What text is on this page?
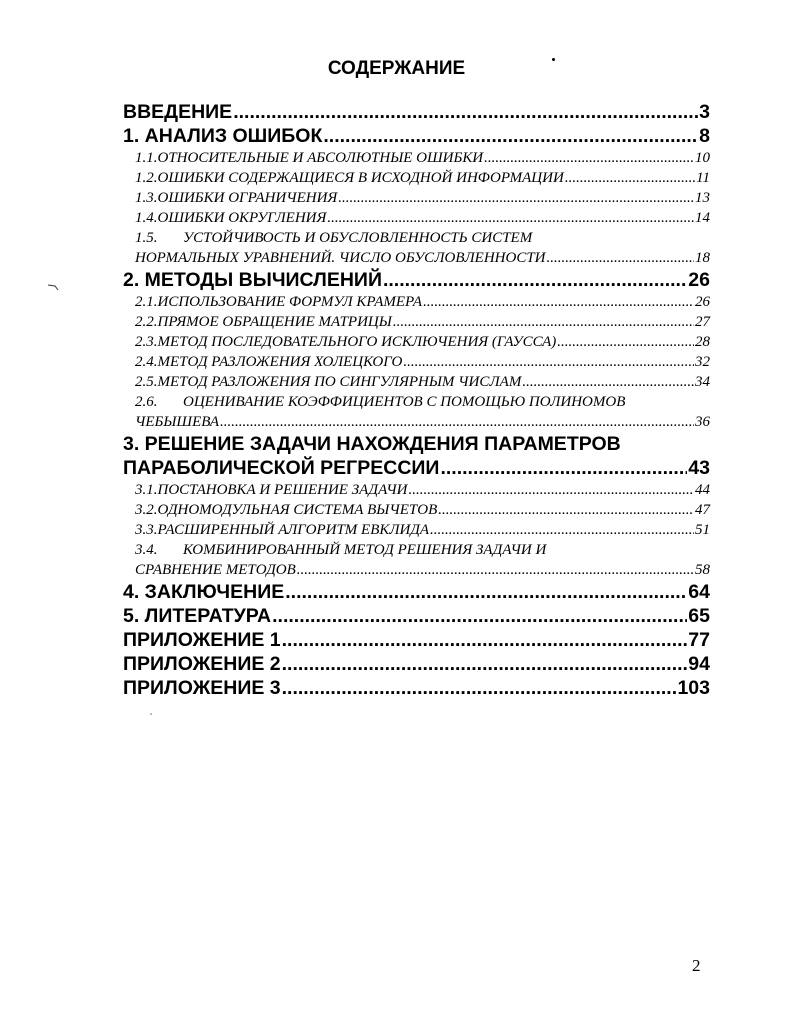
СОДЕРЖАНИЕ
ВВЕДЕНИЕ .....	3
1. АНАЛИЗ ОШИБОК .....	8
1.1. ОТНОСИТЕЛЬНЫЕ И АБСОЛЮТНЫЕ ОШИБКИ .....	10
1.2. ОШИБКИ СОДЕРЖАЩИЕСЯ В ИСХОДНОЙ ИНФОРМАЦИИ .....	11
1.3. ОШИБКИ ОГРАНИЧЕНИЯ .....	13
1.4. ОШИБКИ ОКРУГЛЕНИЯ .....	14
1.5. УСТОЙЧИВОСТЬ И ОБУСЛОВЛЕННОСТЬ СИСТЕМ
НОРМАЛЬНЫХ УРАВНЕНИЙ. ЧИСЛО ОБУСЛОВЛЕННОСТИ .....	18
2. МЕТОДЫ ВЫЧИСЛЕНИЙ .....	26
2.1. ИСПОЛЬЗОВАНИЕ ФОРМУЛ КРАМЕРА .....	26
2.2. ПРЯМОЕ ОБРАЩЕНИЕ МАТРИЦЫ .....	27
2.3. МЕТОД ПОСЛЕДОВАТЕЛЬНОГО ИСКЛЮЧЕНИЯ (ГАУССА) .....	28
2.4. МЕТОД РАЗЛОЖЕНИЯ ХОЛЕЦКОГО .....	32
2.5. МЕТОД РАЗЛОЖЕНИЯ ПО СИНГУЛЯРНЫМ ЧИСЛАМ .....	34
2.6. ОЦЕНИВАНИЕ КОЭФФИЦИЕНТОВ С ПОМОЩЬЮ ПОЛИНОМОВ
ЧЕБЫШЕВА .....	36
3. РЕШЕНИЕ ЗАДАЧИ НАХОЖДЕНИЯ ПАРАМЕТРОВ
ПАРАБОЛИЧЕСКОЙ РЕГРЕССИИ .....	43
3.1. ПОСТАНОВКА И РЕШЕНИЕ ЗАДАЧИ .....	44
3.2. ОДНОМОДУЛЬНАЯ СИСТЕМА ВЫЧЕТОВ .....	47
3.3. РАСШИРЕННЫЙ АЛГОРИТМ ЕВКЛИДА .....	51
3.4. КОМБИНИРОВАННЫЙ МЕТОД РЕШЕНИЯ ЗАДАЧИ И
СРАВНЕНИЕ МЕТОДОВ .....	58
4. ЗАКЛЮЧЕНИЕ .....	64
5. ЛИТЕРАТУРА .....	65
ПРИЛОЖЕНИЕ 1 .....	77
ПРИЛОЖЕНИЕ 2 .....	94
ПРИЛОЖЕНИЕ 3 .....	103
2
